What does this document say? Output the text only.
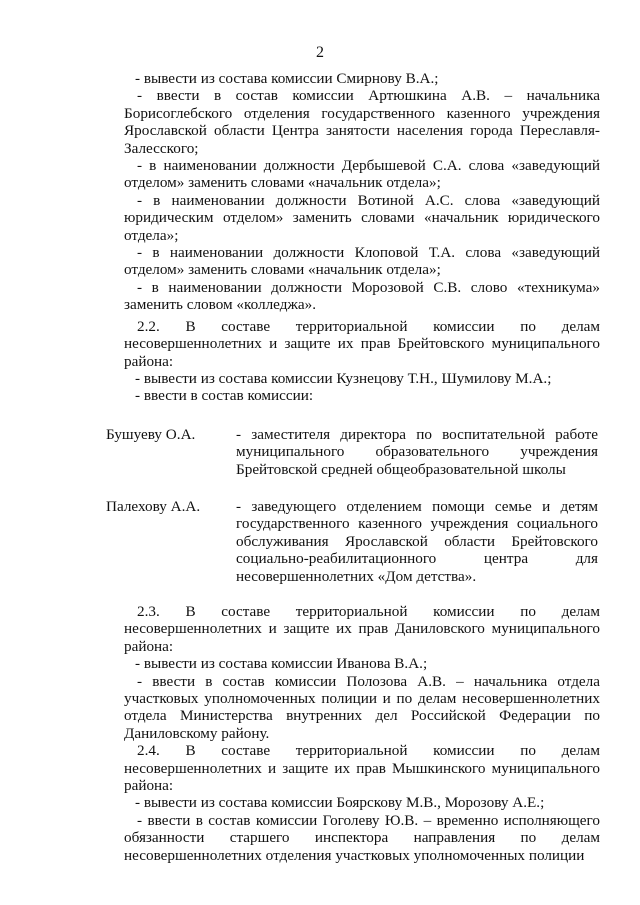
2

- вывести из состава комиссии Смирнову В.А.;

- ввести в состав комиссии Артюшкина А.В. – начальника Борисоглебского отделения государственного казенного учреждения Ярославской области Центра занятости населения города Переславля-Залесского;

- в наименовании должности Дербышевой С.А. слова «заведующий отделом» заменить словами «начальник отдела»;

- в наименовании должности Вотиной А.С. слова «заведующий юридическим отделом» заменить словами «начальник юридического отдела»;

- в наименовании должности Клоповой Т.А. слова «заведующий отделом» заменить словами «начальник отдела»;

- в наименовании должности Морозовой С.В. слово «техникума» заменить словом «колледжа».

2.2. В составе территориальной комиссии по делам несовершеннолетних и защите их прав Брейтовского муниципального района:

- вывести из состава комиссии Кузнецову Т.Н., Шумилову М.А.;

- ввести в состав комиссии:

Бушуеву О.А.	- заместителя директора по воспитательной работе муниципального образовательного учреждения Брейтовской средней общеобразовательной школы
Палехову А.А.	- заведующего отделением помощи семье и детям государственного казенного учреждения социального обслуживания Ярославской области Брейтовского социально-реабилитационного центра для несовершеннолетних «Дом детства».

2.3. В составе территориальной комиссии по делам несовершеннолетних и защите их прав Даниловского муниципального района:

- вывести из состава комиссии Иванова В.А.;

- ввести в состав комиссии Полозова А.В. – начальника отдела участковых уполномоченных полиции и по делам несовершеннолетних отдела Министерства внутренних дел Российской Федерации по Даниловскому району.

2.4. В составе территориальной комиссии по делам несовершеннолетних и защите их прав Мышкинского муниципального района:

- вывести из состава комиссии Боярскову М.В., Морозову А.Е.;

- ввести в состав комиссии Гоголеву Ю.В. – временно исполняющего обязанности старшего инспектора направления по делам несовершеннолетних отделения участковых уполномоченных полиции
